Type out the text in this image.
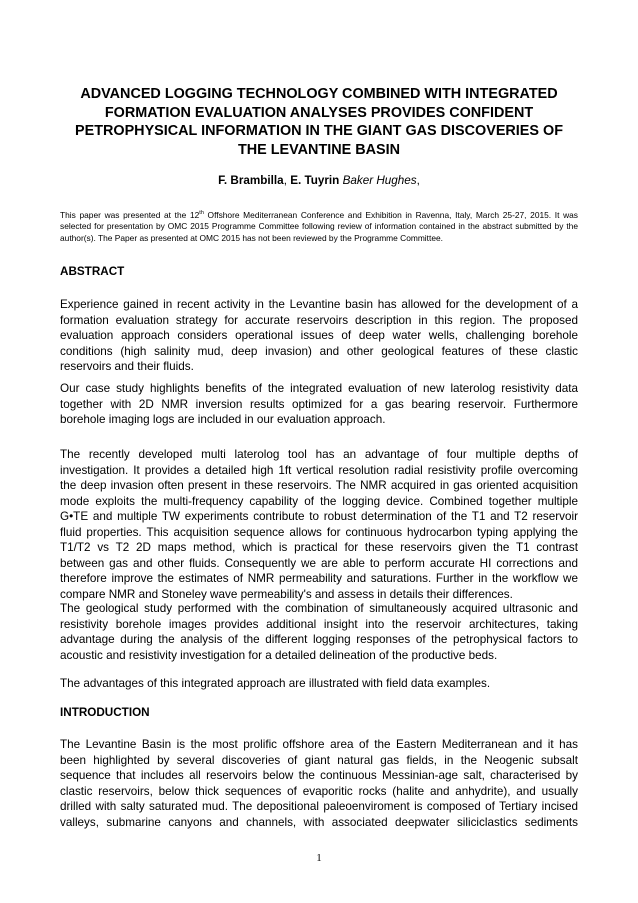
ADVANCED LOGGING TECHNOLOGY COMBINED WITH INTEGRATED
FORMATION EVALUATION ANALYSES PROVIDES CONFIDENT
PETROPHYSICAL INFORMATION IN THE GIANT GAS DISCOVERIES OF
THE LEVANTINE BASIN
F. Brambilla, E. Tuyrin Baker Hughes,
This paper was presented at the 12th Offshore Mediterranean Conference and Exhibition in Ravenna, Italy, March 25-27, 2015. It was selected for presentation by OMC 2015 Programme Committee following review of information contained in the abstract submitted by the author(s). The Paper as presented at OMC 2015 has not been reviewed by the Programme Committee.
ABSTRACT
Experience gained in recent activity in the Levantine basin has allowed for the development of a
formation evaluation strategy for accurate reservoirs description in this region. The proposed
evaluation approach considers operational issues of deep water wells, challenging borehole
conditions (high salinity mud, deep invasion) and other geological features of these clastic
reservoirs and their fluids.
Our case study highlights benefits of the integrated evaluation of new laterolog resistivity data
together with 2D NMR inversion results optimized for a gas bearing reservoir. Furthermore
borehole imaging logs are included in our evaluation approach.
The recently developed multi laterolog tool has an advantage of four multiple depths of
investigation. It provides a detailed high 1ft vertical resolution radial resistivity profile overcoming
the deep invasion often present in these reservoirs. The NMR acquired in gas oriented acquisition
mode exploits the multi-frequency capability of the logging device. Combined together multiple
G•TE and multiple TW experiments contribute to robust determination of the T1 and T2 reservoir
fluid properties. This acquisition sequence allows for continuous hydrocarbon typing applying the
T1/T2 vs T2 2D maps method, which is practical for these reservoirs given the T1 contrast
between gas and other fluids. Consequently we are able to perform accurate HI corrections and
therefore improve the estimates of NMR permeability and saturations. Further in the workflow we
compare NMR and Stoneley wave permeability's and assess in details their differences.
The geological study performed with the combination of simultaneously acquired ultrasonic and
resistivity borehole images provides additional insight into the reservoir architectures, taking
advantage during the analysis of the different logging responses of the petrophysical factors to
acoustic and resistivity investigation for a detailed delineation of the productive beds.
The advantages of this integrated approach are illustrated with field data examples.
INTRODUCTION
The Levantine Basin is the most prolific offshore area of the Eastern Mediterranean and it has
been highlighted by several discoveries of giant natural gas fields, in the Neogenic subsalt
sequence that includes all reservoirs below the continuous Messinian-age salt, characterised by
clastic reservoirs, below thick sequences of evaporitic rocks (halite and anhydrite), and usually
drilled with salty saturated mud. The depositional paleoenviroment is composed of Tertiary incised
valleys, submarine canyons and channels, with associated deepwater siliciclastics sediments
1
